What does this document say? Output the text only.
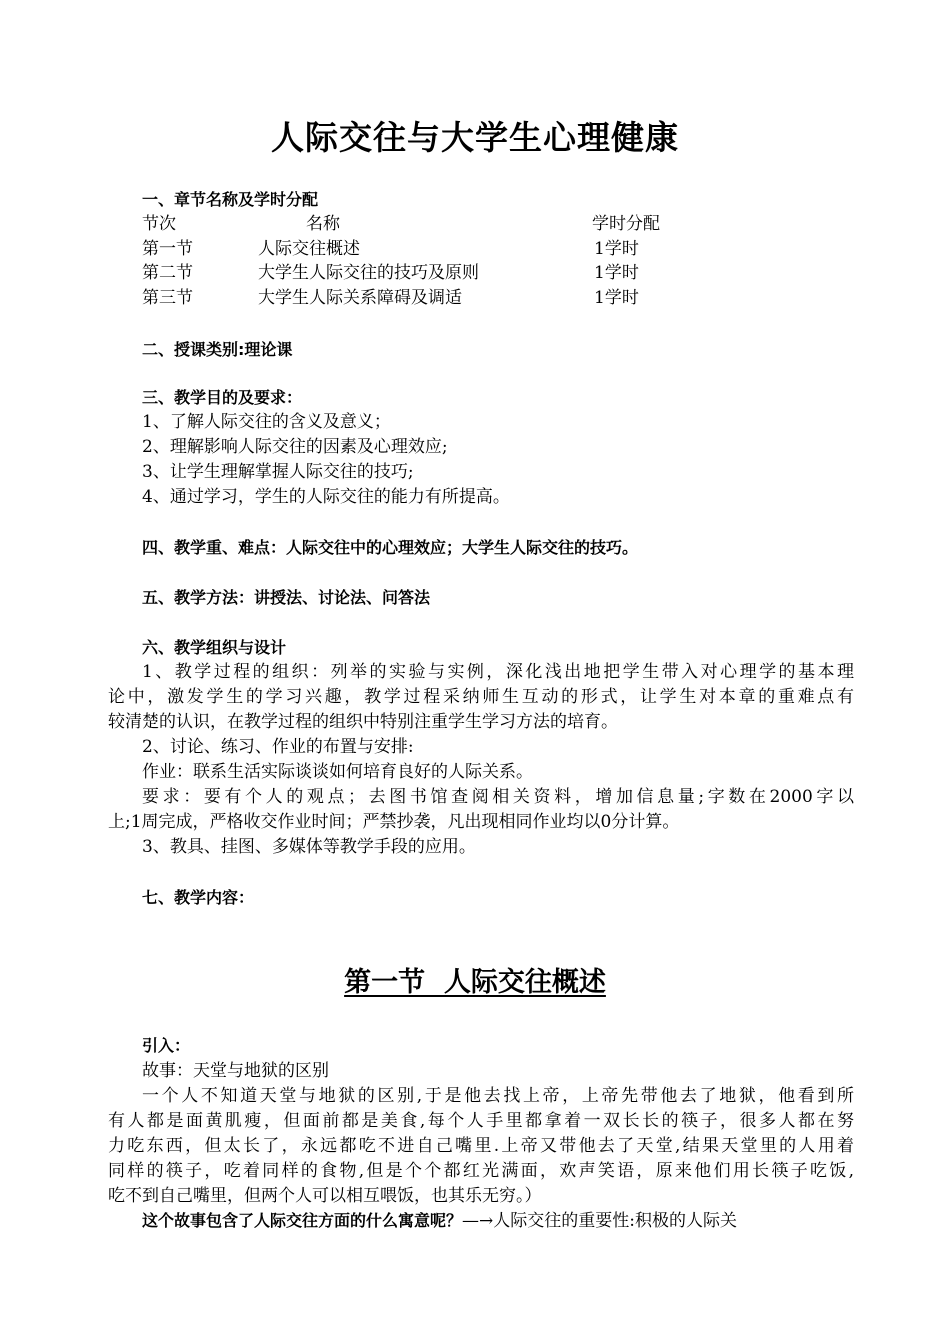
人际交往与大学生心理健康
一、章节名称及学时分配
节次	名称	学时分配
第一节	人际交往概述	1学时
第二节	大学生人际交往的技巧及原则	1学时
第三节	大学生人际关系障碍及调适	1学时
二、授课类别:理论课
三、教学目的及要求：
1、了解人际交往的含义及意义；
2、理解影响人际交往的因素及心理效应;
3、让学生理解掌握人际交往的技巧;
4、通过学习，学生的人际交往的能力有所提高。
四、教学重、难点：人际交往中的心理效应；大学生人际交往的技巧。
五、教学方法：讲授法、讨论法、问答法
六、教学组织与设计
1、教学过程的组织：列举的实验与实例，深化浅出地把学生带入对心理学的基本理
论中，激发学生的学习兴趣，教学过程采纳师生互动的形式，让学生对本章的重难点有
较清楚的认识，在教学过程的组织中特别注重学生学习方法的培育。
2、讨论、练习、作业的布置与安排:
作业：联系生活实际谈谈如何培育良好的人际关系。
要求：要有个人的观点；去图书馆查阅相关资料，增加信息量;字数在2000字以
上;1周完成，严格收交作业时间；严禁抄袭，凡出现相同作业均以0分计算。
3、教具、挂图、多媒体等教学手段的应用。
七、教学内容：
第一节  人际交往概述
引入：
故事：天堂与地狱的区别
一个人不知道天堂与地狱的区别,于是他去找上帝，上帝先带他去了地狱，他看到所
有人都是面黄肌瘦，但面前都是美食,每个人手里都拿着一双长长的筷子，很多人都在努
力吃东西，但太长了，永远都吃不进自己嘴里.上帝又带他去了天堂,结果天堂里的人用着
同样的筷子，吃着同样的食物,但是个个都红光满面，欢声笑语，原来他们用长筷子吃饭,
吃不到自己嘴里，但两个人可以相互喂饭，也其乐无穷。）
这个故事包含了人际交往方面的什么寓意呢？—→人际交往的重要性:积极的人际关
